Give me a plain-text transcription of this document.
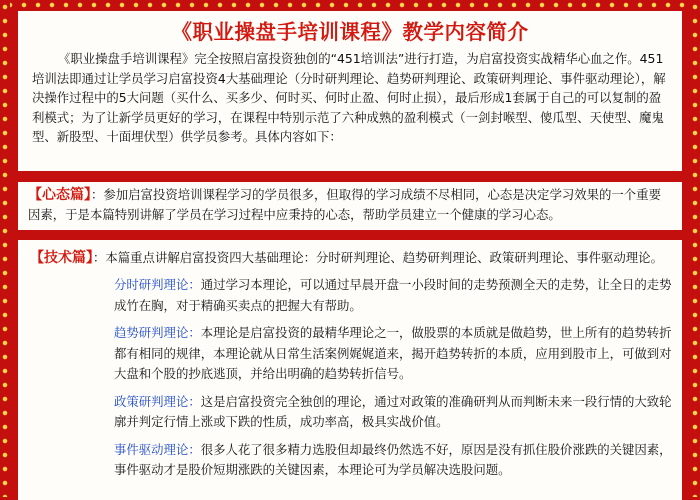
《职业操盘手培训课程》教学内容简介

《职业操盘手培训课程》完全按照启富投资独创的“451培训法”进行打造，为启富投资实战精华心血之作。451培训法即通过让学员学习启富投资4大基础理论（分时研判理论、趋势研判理论、政策研判理论、事件驱动理论），解决操作过程中的5大问题（买什么、买多少、何时买、何时止盈、何时止损），最后形成1套属于自己的可以复制的盈利模式；为了让新学员更好的学习，在课程中特别示范了六种成熟的盈利模式（一剑封喉型、傻瓜型、天使型、魔鬼型、新股型、十面埋伏型）供学员参考。具体内容如下：

【心态篇】：参加启富投资培训课程学习的学员很多，但取得的学习成绩不尽相同，心态是决定学习效果的一个重要因素，于是本篇特别讲解了学员在学习过程中应秉持的心态，帮助学员建立一个健康的学习心态。
【技术篇】：本篇重点讲解启富投资四大基础理论：分时研判理论、趋势研判理论、政策研判理论、事件驱动理论。
分时研判理论：通过学习本理论，可以通过早晨开盘一小段时间的走势预测全天的走势，让全日的走势成竹在胸，对于精确买卖点的把握大有帮助。
趋势研判理论：本理论是启富投资的最精华理论之一，做股票的本质就是做趋势，世上所有的趋势转折都有相同的规律，本理论就从日常生活案例娓娓道来，揭开趋势转折的本质，应用到股市上，可做到对大盘和个股的抄底逃顶，并给出明确的趋势转折信号。
政策研判理论：这是启富投资完全独创的理论，通过对政策的准确研判从而判断未来一段行情的大致轮廓并判定行情上涨或下跌的性质，成功率高，极具实战价值。
事件驱动理论：很多人花了很多精力选股但却最终仍然选不好，原因是没有抓住股价涨跌的关键因素，事件驱动才是股价短期涨跌的关键因素，本理论可为学员解决选股问题。
